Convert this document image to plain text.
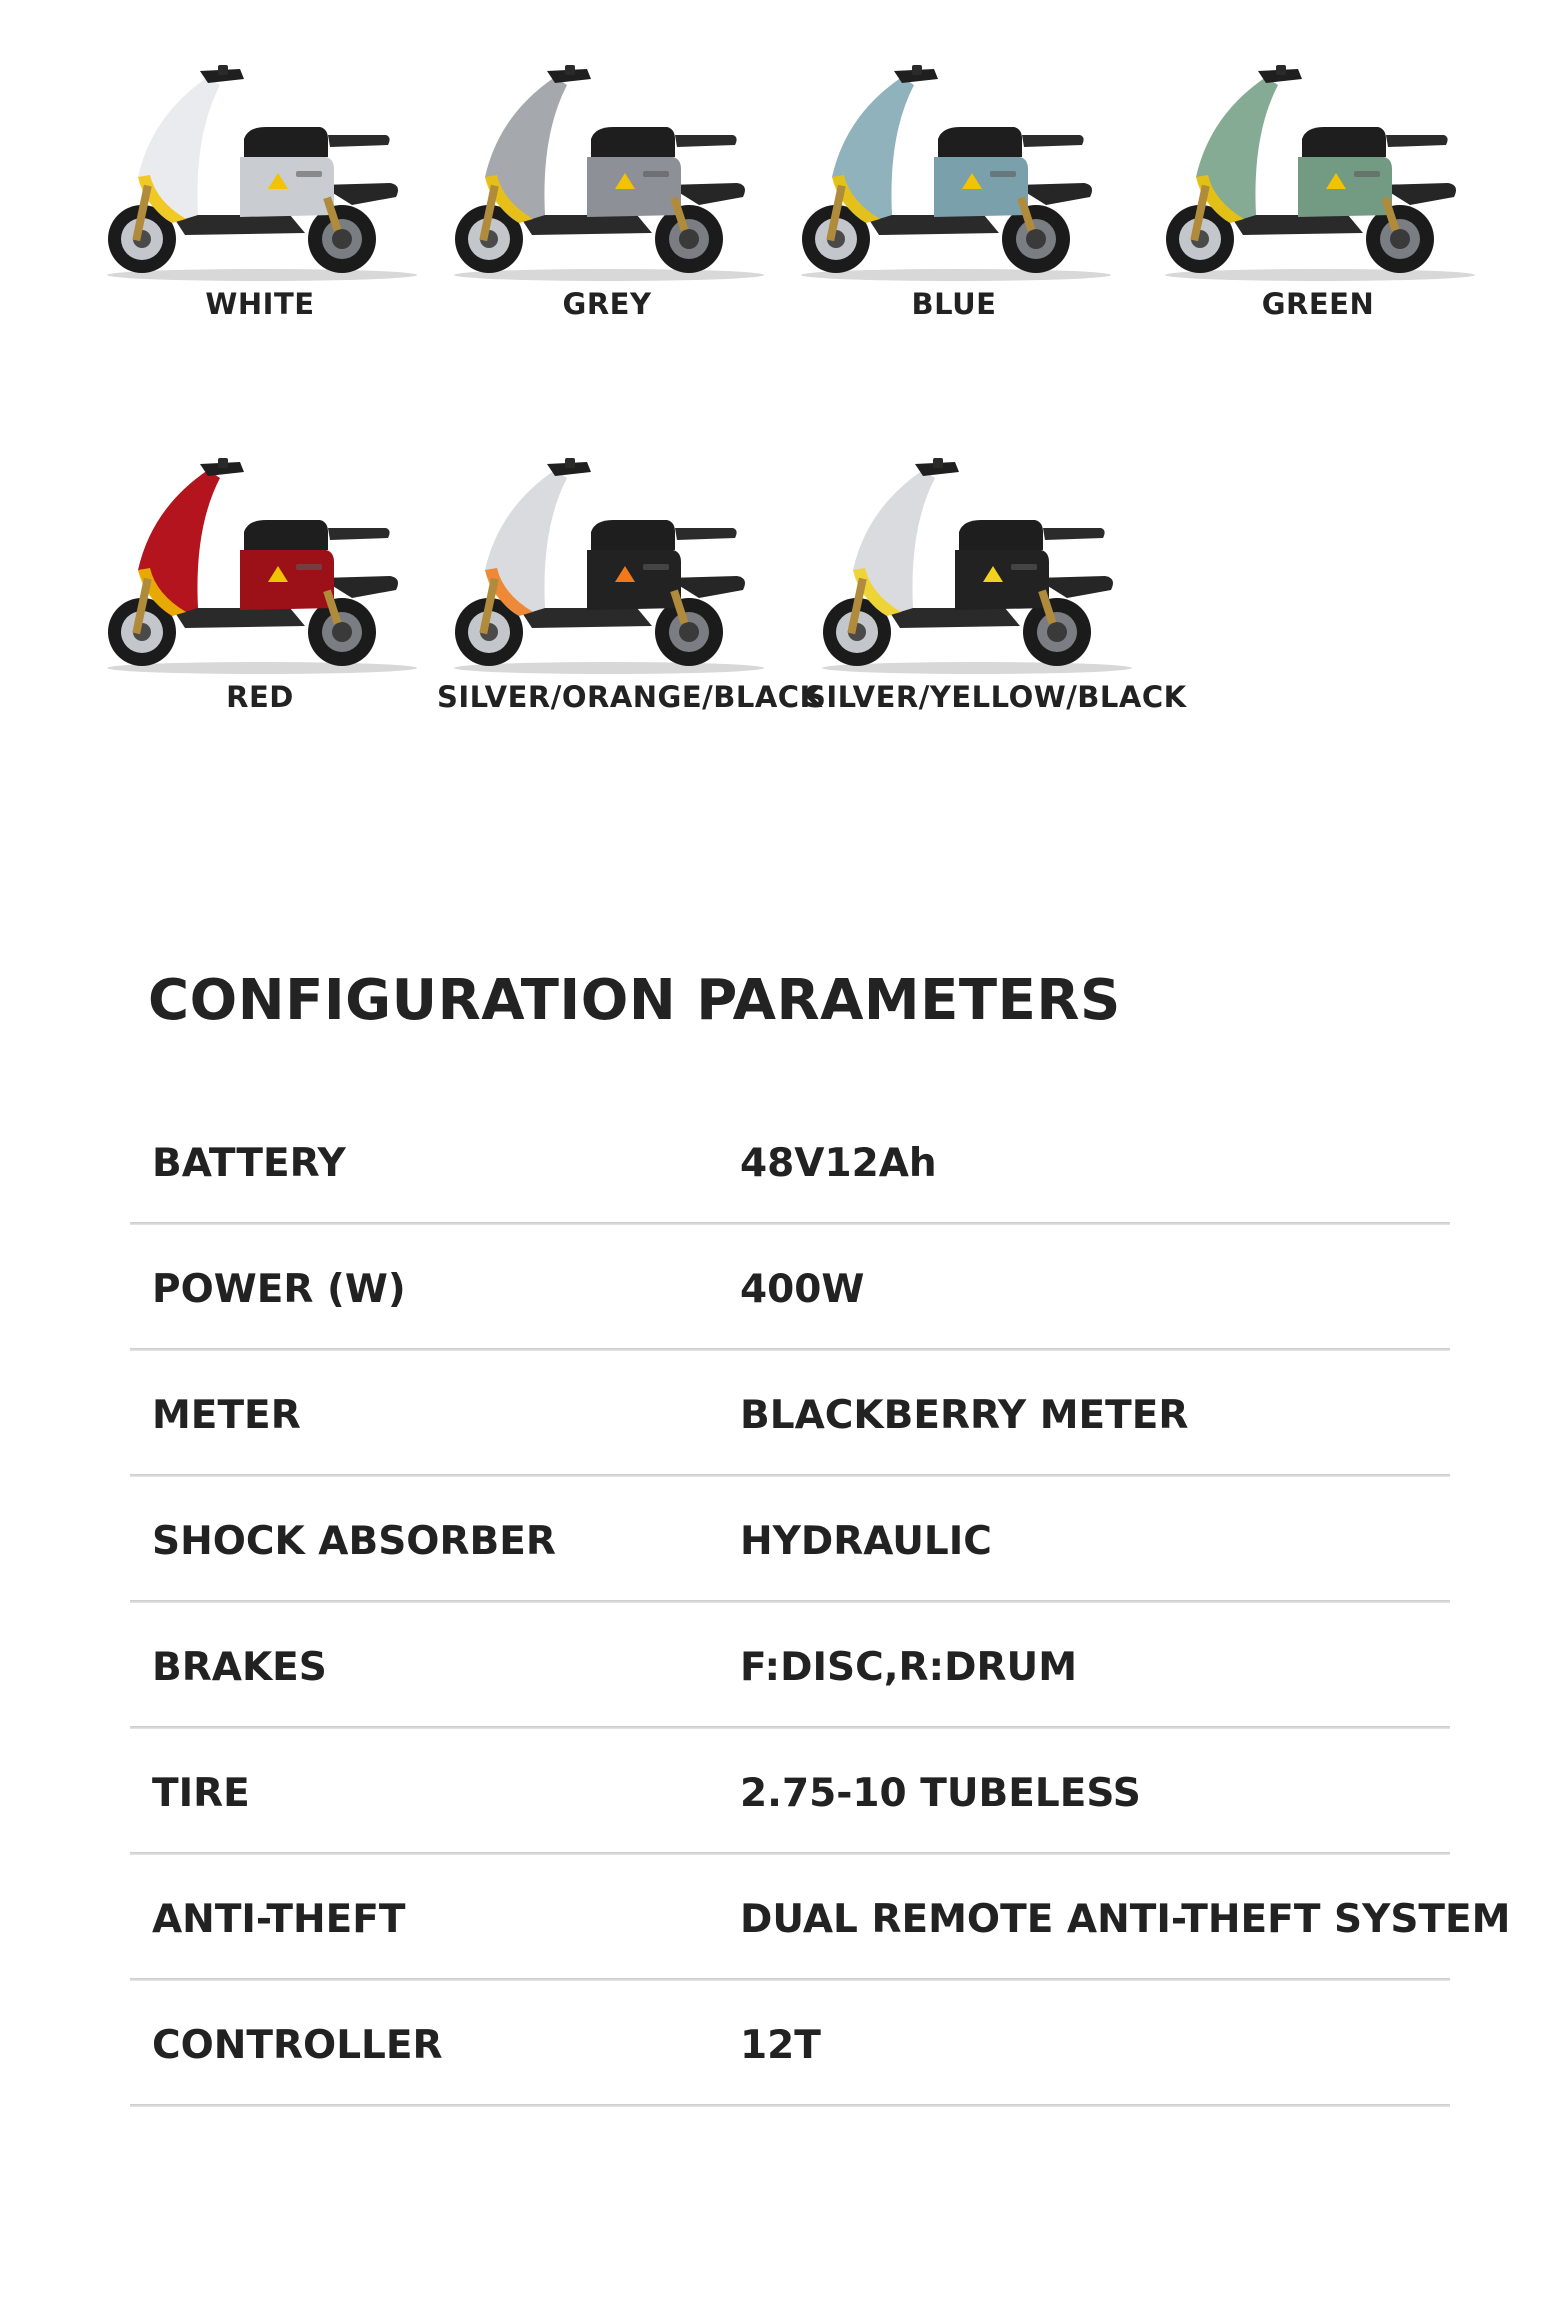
WHITE	GREY	BLUE	GREEN
RED	SILVER/ORANGE/BLACK
SILVER/YELLOW/BLACK
CONFIGURATION PARAMETERS
BATTERY	48V12Ah
POWER (W)	400W
METER	BLACKBERRY METER
SHOCK ABSORBER	HYDRAULIC
BRAKES	F:DISC,R:DRUM
TIRE	2.75-10 TUBELESS
ANTI-THEFT	DUAL REMOTE ANTI-THEFT SYSTEM
CONTROLLER	12T
